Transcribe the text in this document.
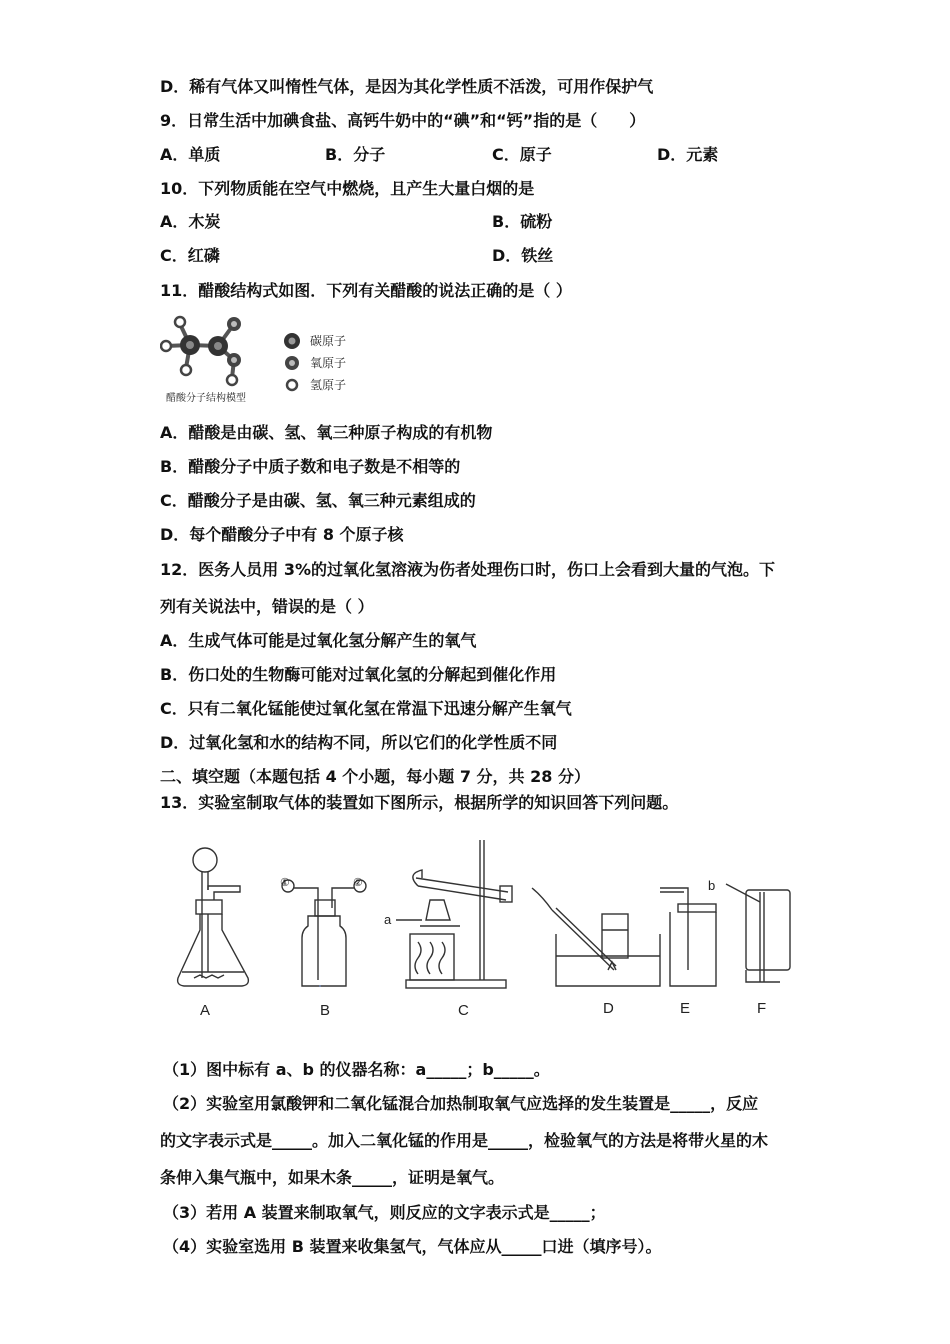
D．稀有气体又叫惰性气体，是因为其化学性质不活泼，可用作保护气
9．日常生活中加碘食盐、高钙牛奶中的“碘”和“钙”指的是（　　）
A．单质	B．分子	C．原子	D．元素
10．下列物质能在空气中燃烧，且产生大量白烟的是
A．木炭	B．硫粉
C．红磷	D．铁丝
11．醋酸结构式如图．下列有关醋酸的说法正确的是（ ）
碳原子
氧原子
氢原子
醋酸分子结构模型
A．醋酸是由碳、氢、氧三种原子构成的有机物
B．醋酸分子中质子数和电子数是不相等的
C．醋酸分子是由碳、氢、氧三种元素组成的
D．每个醋酸分子中有 8 个原子核
12．医务人员用 3%的过氧化氢溶液为伤者处理伤口时，伤口上会看到大量的气泡。下
列有关说法中，错误的是（ ）
A．生成气体可能是过氧化氢分解产生的氧气
B．伤口处的生物酶可能对过氧化氢的分解起到催化作用
C．只有二氧化锰能使过氧化氢在常温下迅速分解产生氧气
D．过氧化氢和水的结构不同，所以它们的化学性质不同
二、填空题（本题包括 4 个小题，每小题 7 分，共 28 分）
13．实验室制取气体的装置如下图所示，根据所学的知识回答下列问题。
A	B	C	D	E	F
a
b
①	②
（1）图中标有 a、b 的仪器名称：a_____；b_____。
（2）实验室用氯酸钾和二氧化锰混合加热制取氧气应选择的发生装置是_____，反应
的文字表示式是_____。加入二氧化锰的作用是_____，检验氧气的方法是将带火星的木
条伸入集气瓶中，如果木条_____，证明是氧气。
（3）若用 A 装置来制取氧气，则反应的文字表示式是_____；
（4）实验室选用 B 装置来收集氢气，气体应从_____口进（填序号）。
